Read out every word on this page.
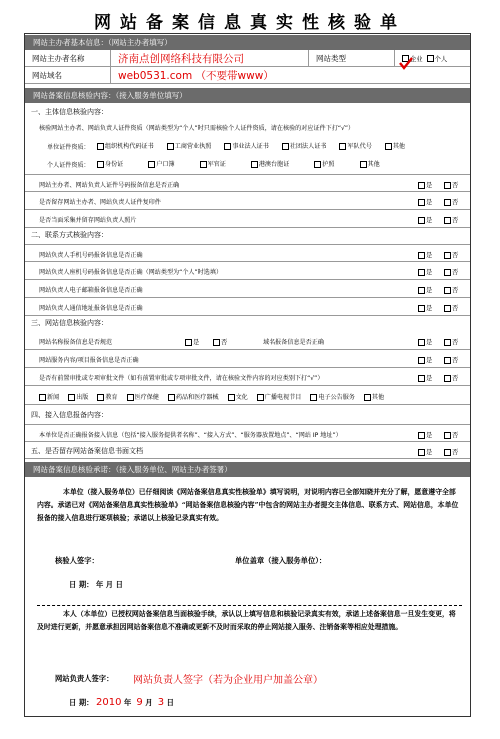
网站备案信息真实性核验单
网站主办者基本信息：（网站主办者填写）
网站主办者名称	济南点创网络科技有限公司	网站类型	企业
	个人
网站域名	web0531.com （不要带www）
网站备案信息核验内容：（接入服务单位填写）
一、主体信息核验内容：
核验网站主办者、网站负责人证件资质（网站类型为“个人”时只需核验个人证件资质，请在核验的对应证件下打“√”）
单位证件资质：	组织机构代码证书	工商营业执照	事业法人证书	社团法人证书	军队代号	其他
个人证件资质：	身份证	户口簿	军官证	港澳台胞证	护照	其他
网站主办者、网站负责人证件号码报备信息是否正确	是	否
是否留存网站主办者、网站负责人证件复印件	是	否
是否当面采集并留存网站负责人照片	是	否
二、联系方式核验内容：
网站负责人手机号码报备信息是否正确	是	否
网站负责人座机号码报备信息是否正确（网站类型为“个人”时选填）	是	否
网站负责人电子邮箱报备信息是否正确	是	否
网站负责人通信地址报备信息是否正确	是	否
三、网站信息核验内容：
网站名称报备信息是否规范	是	否	域名报备信息是否正确	是	否
网站服务内容/项目报备信息是否正确	是	否
是否有前置审批或专项审批文件（如有前置审批或专项审批文件，请在核验文件内容的对应类别下打“√”）	是	否
新闻	出版	教育	医疗保健	药品和医疗器械	文化	广播电视节目	电子公告服务	其他
四、接入信息报备内容：
本单位是否正确报备接入信息（包括“接入服务提供者名称”、“接入方式”、“服务器放置地点”、“网站 IP 地址”）	是	否
五、是否留存网站备案信息书面文档	是	否
网站备案信息核验承诺：（接入服务单位、网站主办者签署）
本单位（接入服务单位）已仔细阅读《网站备案信息真实性核验单》填写说明，对说明内容已全部知晓并充分了解，愿意遵守全部内容。承诺已对《网站备案信息真实性核验单》“网站备案信息核验内容”中包含的网站主办者提交主体信息、联系方式、网站信息，本单位报备的接入信息进行逐项核验；承诺以上核验记录真实有效。
核验人签字：	单位盖章（接入服务单位）：
日 期： 年 月 日
本人（本单位）已授权网站备案信息当面核验手续，承认以上填写信息和核验记录真实有效，承诺上述备案信息一旦发生变更，将及时进行更新，并愿意承担因网站备案信息不准确或更新不及时而采取的停止网站接入服务、注销备案等相应处理措施。
网站负责人签字： 网站负责人签字（若为企业用户加盖公章）
日 期： 2010 年 9 月 3 日
